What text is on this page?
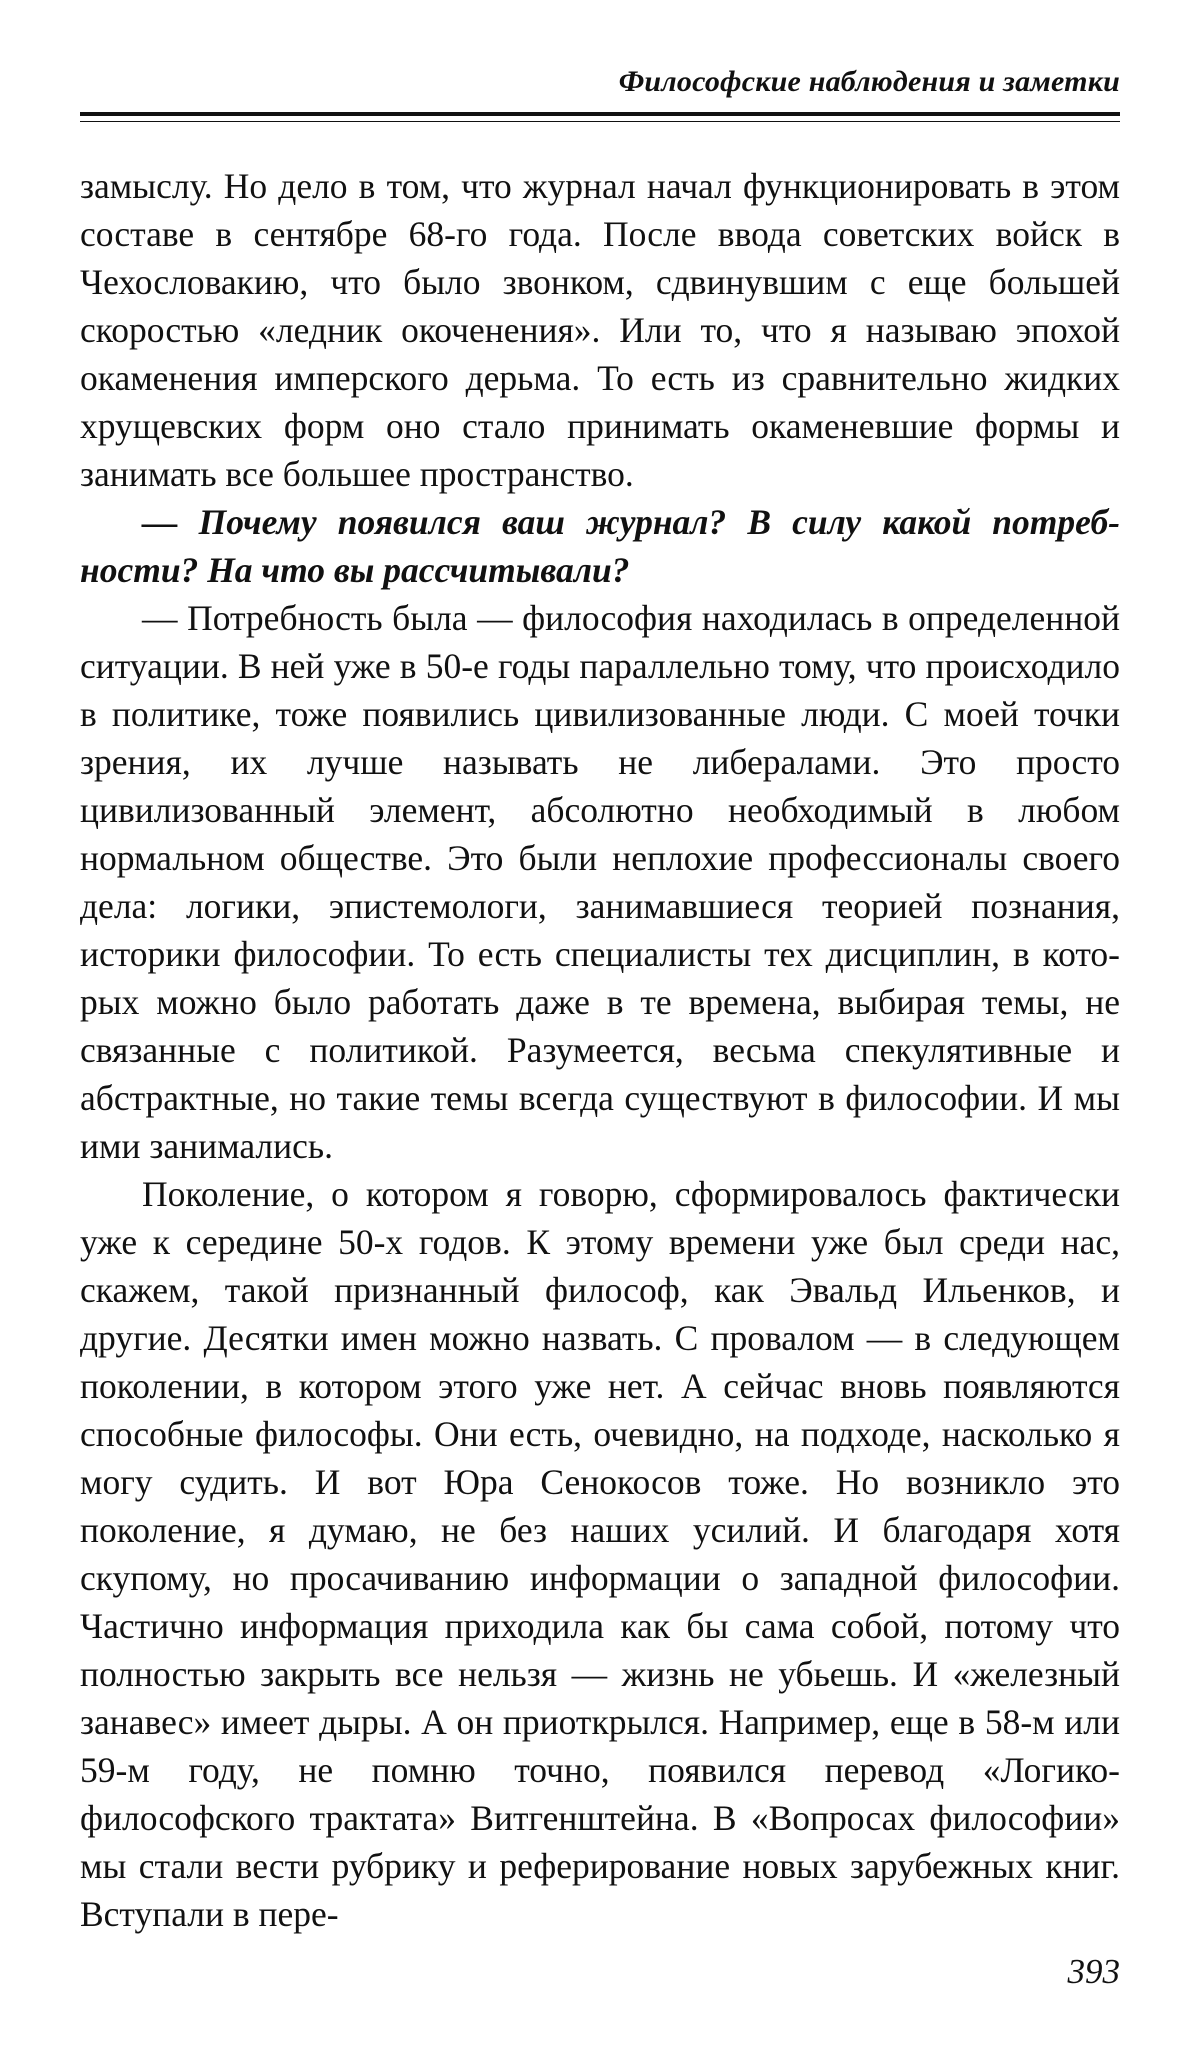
Философские наблюдения и заметки

замыслу. Но дело в том, что журнал начал функционировать в этом составе в сентябре 68-го года. После ввода советских войск в Чехословакию, что было звонком, сдвинувшим с еще большей скоростью «ледник окоченения». Или то, что я называю эпохой окаменения имперского дерьма. То есть из сравнительно жидких хрущевских форм оно стало принимать окаменевшие формы и занимать все большее пространство.

— Почему появился ваш журнал? В силу какой потребности? На что вы рассчитывали?

— Потребность была — философия находилась в определенной ситуации. В ней уже в 50-е годы параллельно тому, что происходило в политике, тоже появились цивилизованные люди. С моей точки зрения, их лучше называть не либералами. Это просто цивилизованный элемент, абсолютно необходимый в любом нормальном обществе. Это были неплохие профессионалы своего дела: логики, эпистемологи, занимавшиеся теорией познания, историки философии. То есть специалисты тех дисциплин, в которых можно было работать даже в те времена, выбирая темы, не связанные с политикой. Разумеется, весьма спекулятивные и абстрактные, но такие темы всегда существуют в философии. И мы ими занимались.

Поколение, о котором я говорю, сформировалось фактически уже к середине 50-х годов. К этому времени уже был среди нас, скажем, такой признанный философ, как Эвальд Ильенков, и другие. Десятки имен можно назвать. С провалом — в следующем поколении, в котором этого уже нет. А сейчас вновь появляются способные философы. Они есть, очевидно, на подходе, насколько я могу судить. И вот Юра Сенокосов тоже. Но возникло это поколение, я думаю, не без наших усилий. И благодаря хотя скупому, но просачиванию информации о западной философии. Частично информация приходила как бы сама собой, потому что полностью закрыть все нельзя — жизнь не убьешь. И «железный занавес» имеет дыры. А он приоткрылся. Например, еще в 58-м или 59-м году, не помню точно, появился перевод «Логико-философского трактата» Витгенштейна. В «Вопросах философии» мы стали вести рубрику и реферирование новых зарубежных книг. Вступали в пере-

393
